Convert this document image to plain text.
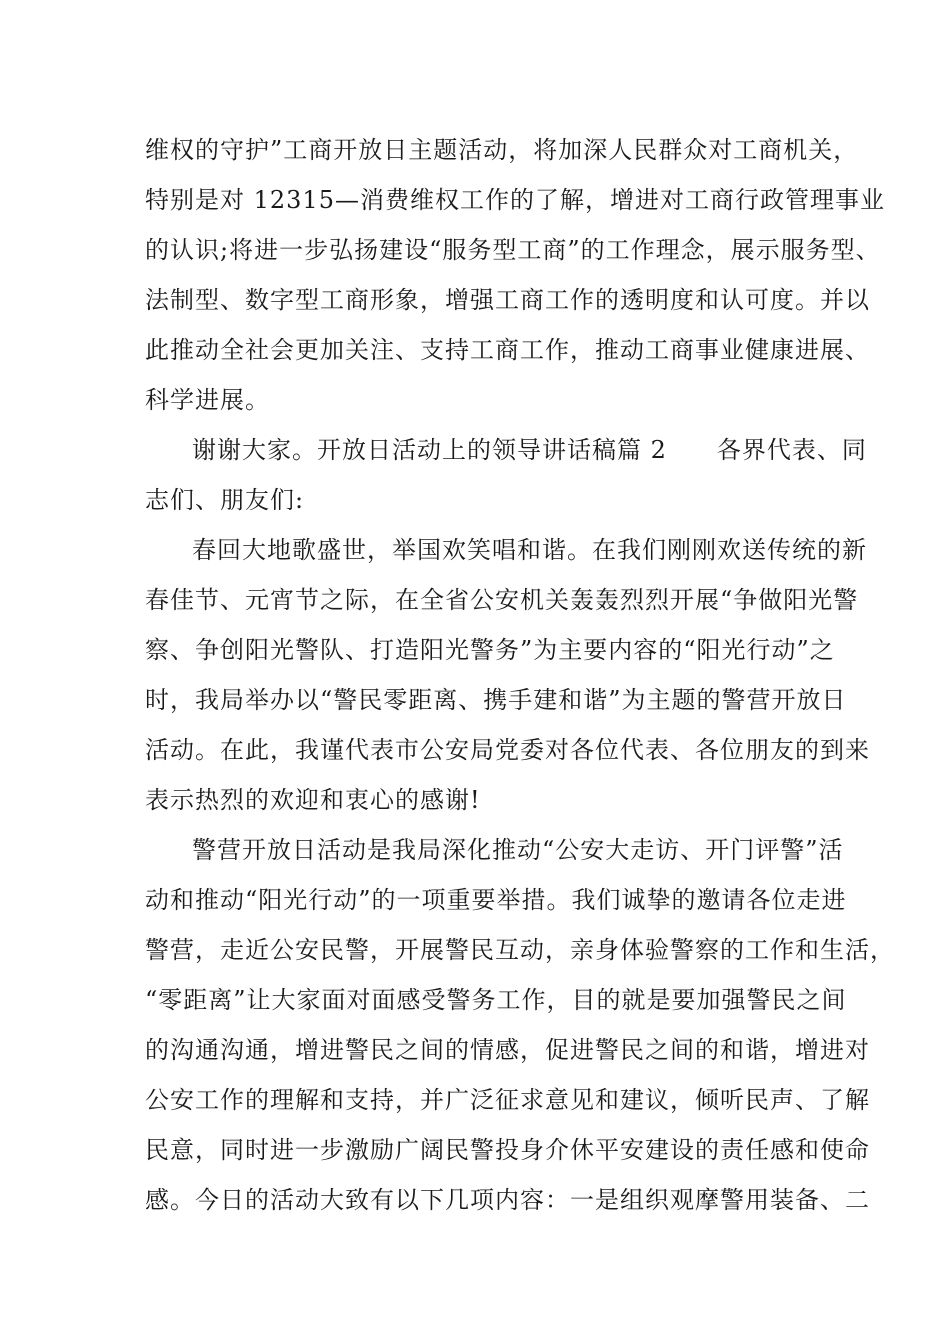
维权的守护”工商开放日主题活动，将加深人民群众对工商机关，
特别是对 12315—消费维权工作的了解，增进对工商行政管理事业
的认识;将进一步弘扬建设“服务型工商”的工作理念，展示服务型、
法制型、数字型工商形象，增强工商工作的透明度和认可度。并以
此推动全社会更加关注、支持工商工作，推动工商事业健康进展、
科学进展。
谢谢大家。开放日活动上的领导讲话稿篇 2　　各界代表、同
志们、朋友们:
春回大地歌盛世，举国欢笑唱和谐。在我们刚刚欢送传统的新
春佳节、元宵节之际，在全省公安机关轰轰烈烈开展“争做阳光警
察、争创阳光警队、打造阳光警务”为主要内容的“阳光行动”之
时，我局举办以“警民零距离、携手建和谐”为主题的警营开放日
活动。在此，我谨代表市公安局党委对各位代表、各位朋友的到来
表示热烈的欢迎和衷心的感谢!
警营开放日活动是我局深化推动“公安大走访、开门评警”活
动和推动“阳光行动”的一项重要举措。我们诚挚的邀请各位走进
警营，走近公安民警，开展警民互动，亲身体验警察的工作和生活，
“零距离”让大家面对面感受警务工作，目的就是要加强警民之间
的沟通沟通，增进警民之间的情感，促进警民之间的和谐，增进对
公安工作的理解和支持，并广泛征求意见和建议，倾听民声、了解
民意，同时进一步激励广阔民警投身介休平安建设的责任感和使命
感。今日的活动大致有以下几项内容：一是组织观摩警用装备、二
